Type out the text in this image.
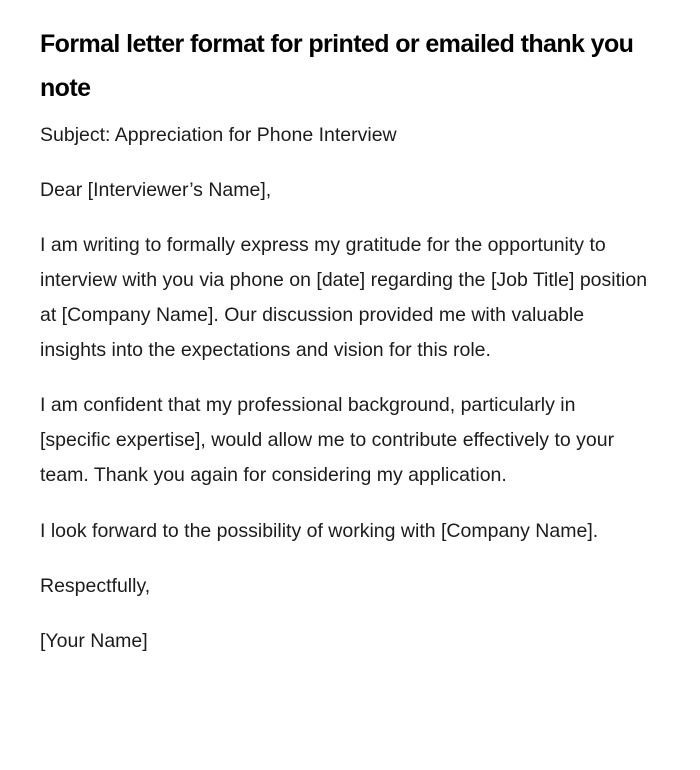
Formal letter format for printed or emailed thank you note

Subject: Appreciation for Phone Interview

Dear [Interviewer’s Name],

I am writing to formally express my gratitude for the opportunity to interview with you via phone on [date] regarding the [Job Title] position at [Company Name]. Our discussion provided me with valuable insights into the expectations and vision for this role.

I am confident that my professional background, particularly in [specific expertise], would allow me to contribute effectively to your team. Thank you again for considering my application.

I look forward to the possibility of working with [Company Name].

Respectfully,

[Your Name]
